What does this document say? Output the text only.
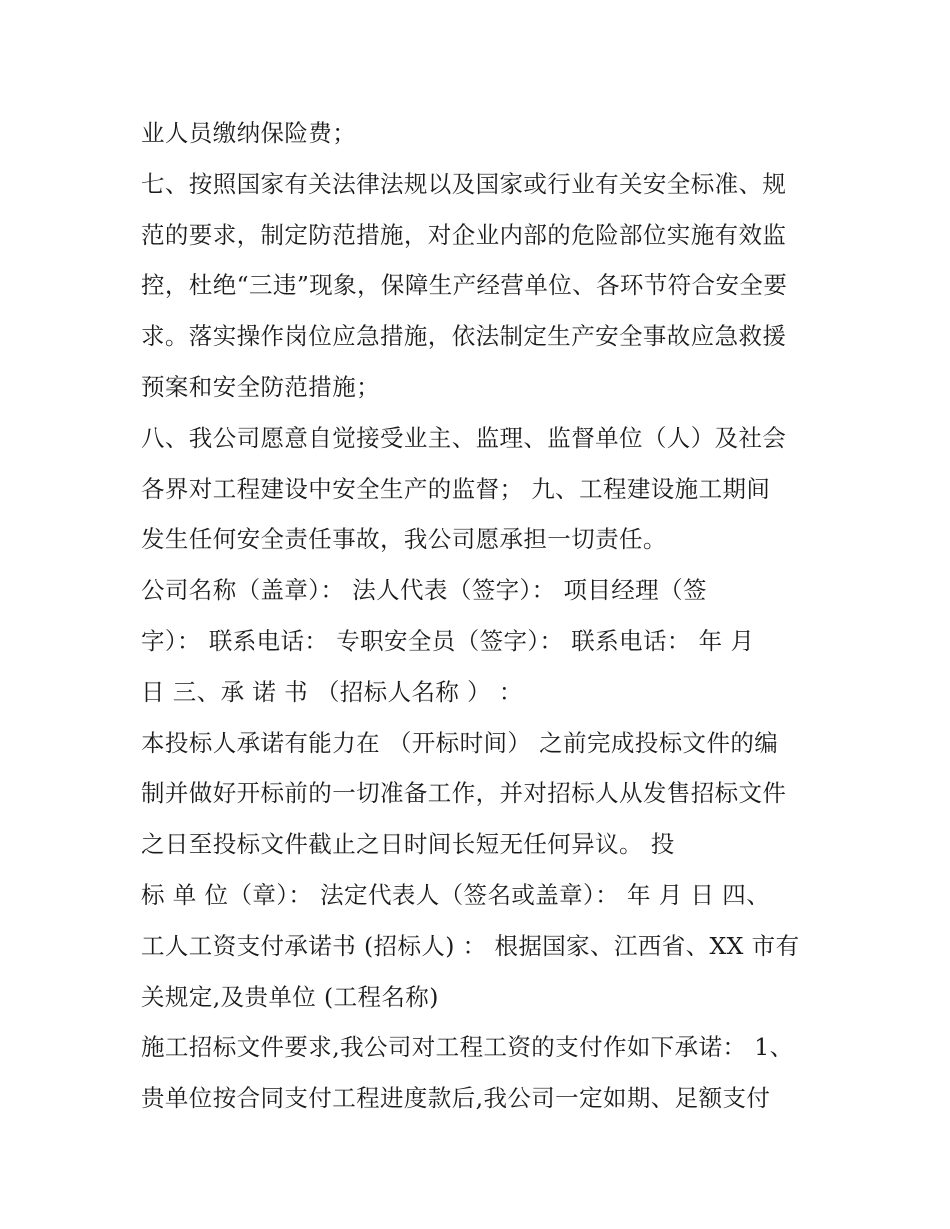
业人员缴纳保险费；
七、按照国家有关法律法规以及国家或行业有关安全标准、规
范的要求，制定防范措施，对企业内部的危险部位实施有效监
控，杜绝“三违”现象，保障生产经营单位、各环节符合安全要
求。落实操作岗位应急措施，依法制定生产安全事故应急救援
预案和安全防范措施；
八、我公司愿意自觉接受业主、监理、监督单位（人）及社会
各界对工程建设中安全生产的监督； 九、工程建设施工期间
发生任何安全责任事故，我公司愿承担一切责任。
公司名称（盖章）： 法人代表（签字）： 项目经理（签
字）： 联系电话： 专职安全员（签字）： 联系电话： 年 月
日 三、承 诺 书 （招标人名称 ） ：
本投标人承诺有能力在 （开标时间） 之前完成投标文件的编
制并做好开标前的一切准备工作，并对招标人从发售招标文件
之日至投标文件截止之日时间长短无任何异议。 投
标 单 位（章）： 法定代表人（签名或盖章）： 年 月 日 四、
工人工资支付承诺书 (招标人) ： 根据国家、江西省、XX 市有
关规定,及贵单位 (工程名称)
施工招标文件要求,我公司对工程工资的支付作如下承诺： 1、
贵单位按合同支付工程进度款后,我公司一定如期、足额支付
